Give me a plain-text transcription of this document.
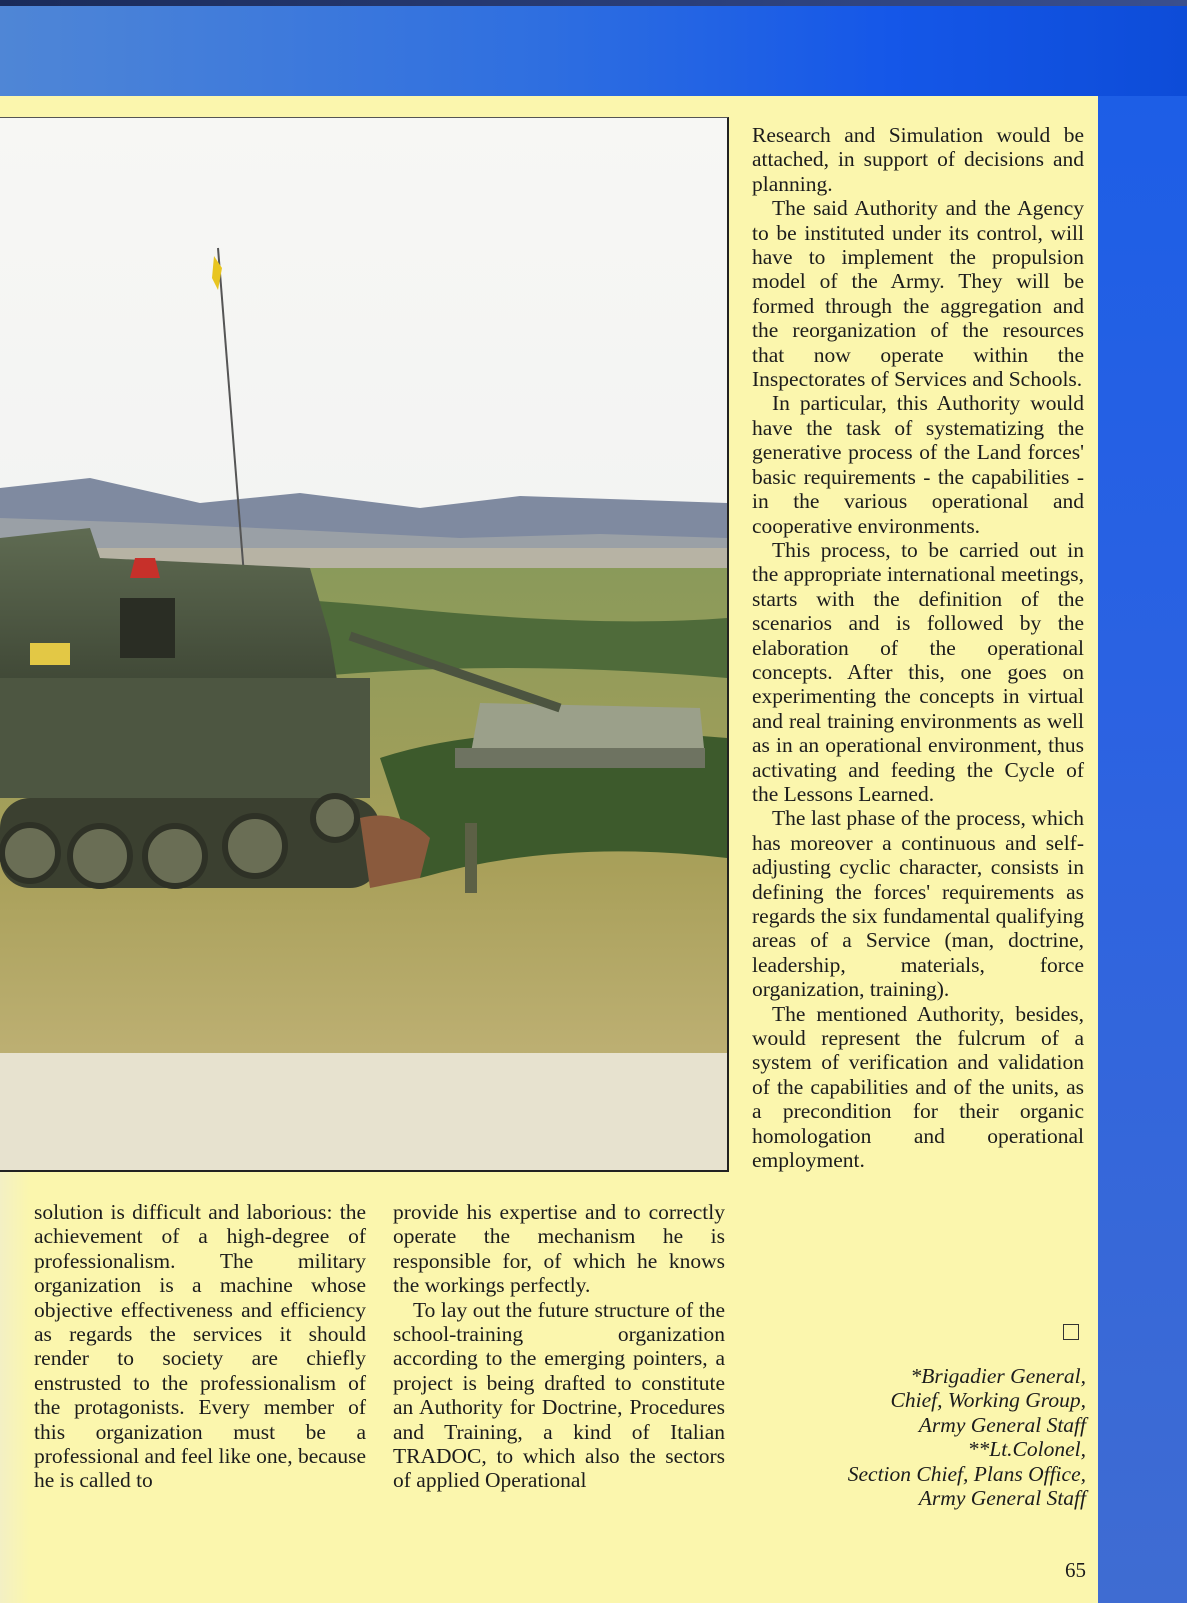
Research and Simulation would be attached, in support of decisions and planning.

The said Authority and the Agency to be instituted under its control, will have to implement the propulsion model of the Army. They will be formed through the aggregation and the reorganization of the resources that now operate within the Inspectorates of Services and Schools.

In particular, this Authority would have the task of systematizing the generative process of the Land forces' basic requirements - the capabilities - in the various operational and cooperative environments.

This process, to be carried out in the appropriate international meetings, starts with the definition of the scenarios and is followed by the elaboration of the operational concepts. After this, one goes on experimenting the concepts in virtual and real training environments as well as in an operational environment, thus activating and feeding the Cycle of the Lessons Learned.

The last phase of the process, which has moreover a continuous and self-adjusting cyclic character, consists in defining the forces' requirements as regards the six fundamental qualifying areas of a Service (man, doctrine, leadership, materials, force organization, training).

The mentioned Authority, besides, would represent the fulcrum of a system of verification and validation of the capabilities and of the units, as a precondition for their organic homologation and operational employment.

solution is difficult and laborious: the achievement of a high-degree of professionalism. The military organization is a machine whose objective effectiveness and efficiency as regards the services it should render to society are chiefly enstrusted to the professionalism of the protagonists. Every member of this organization must be a professional and feel like one, because he is called to

provide his expertise and to correctly operate the mechanism he is responsible for, of which he knows the workings perfectly.

To lay out the future structure of the school-training organization according to the emerging pointers, a project is being drafted to constitute an Authority for Doctrine, Procedures and Training, a kind of Italian TRADOC, to which also the sectors of applied Operational

*Brigadier General,
Chief, Working Group,
Army General Staff
**Lt.Colonel,
Section Chief, Plans Office,
Army General Staff
65
